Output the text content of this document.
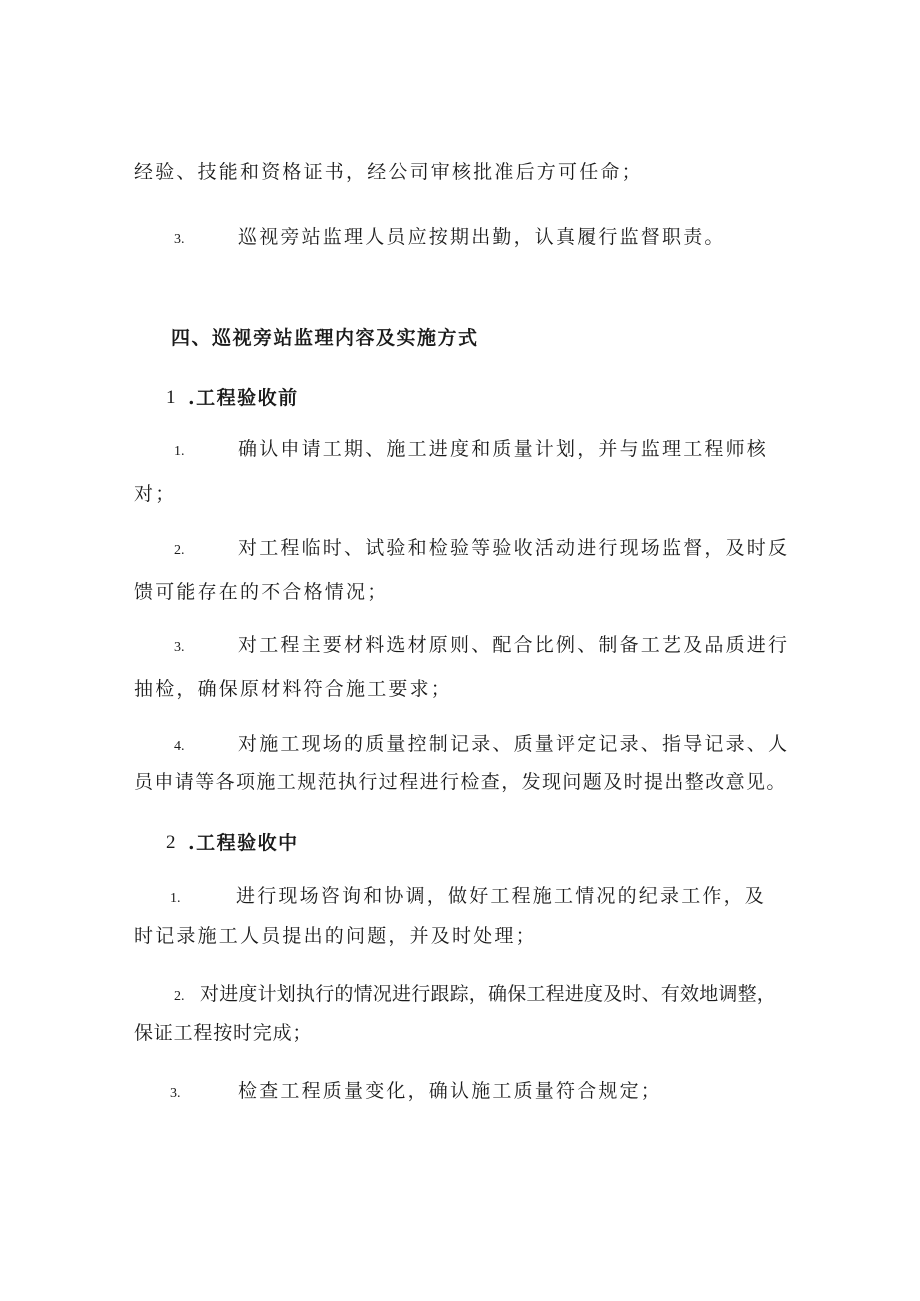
经验、技能和资格证书，经公司审核批准后方可任命；
3.	巡视旁站监理人员应按期出勤，认真履行监督职责。
四、巡视旁站监理内容及实施方式
1 .工程验收前
1.	确认申请工期、施工进度和质量计划，并与监理工程师核
对；
2.	对工程临时、试验和检验等验收活动进行现场监督，及时反
馈可能存在的不合格情况；
3.	对工程主要材料选材原则、配合比例、制备工艺及品质进行
抽检，确保原材料符合施工要求；
4.	对施工现场的质量控制记录、质量评定记录、指导记录、人
员申请等各项施工规范执行过程进行检查，发现问题及时提出整改意见。
2 .工程验收中
1.	进行现场咨询和协调，做好工程施工情况的纪录工作，及
时记录施工人员提出的问题，并及时处理；
2. 对进度计划执行的情况进行跟踪，确保工程进度及时、有效地调整，
保证工程按时完成；
3.	检查工程质量变化，确认施工质量符合规定；
